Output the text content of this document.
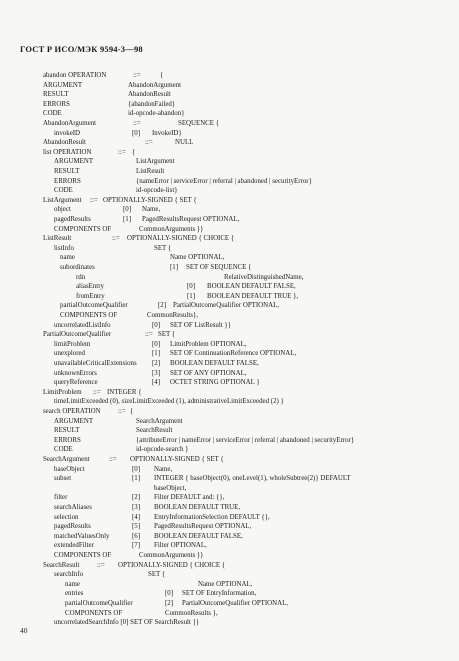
ГОСТ Р ИСО/МЭК 9594-3—98
abandon OPERATION	::=	{
ARGUMENT	AbandonArgument
RESULT	AbandonResult
ERRORS	{abandonFailed}
CODE	id-opcode-abandon}
AbandonArgument	::=	SEQUENCE {
invokeID	[0] InvokeID}
AbandonResult	::=	NULL
list OPERATION	::= {
ARGUMENT	ListArgument
RESULT	ListResult
ERRORS	{nameError | serviceError | referral | abandoned | securityError}
CODE	id-opcode-list}
ListArgument ::= OPTIONALLY-SIGNED { SET {
object	[0] Name,
pagedResults	[1] PagedResultsRequest OPTIONAL,
COMPONENTS OF	CommonArguments }}
ListResult	::= OPTIONALLY-SIGNED { CHOICE {
listInfo	SET {
name	Name OPTIONAL,
subordinates	[1] SET OF SEQUENCE {
rdn	RelativeDistinguishedName,
aliasEntry	[0] BOOLEAN DEFAULT FALSE,
fromEntry	[1] BOOLEAN DEFAULT TRUE },
partialOutcomeQualifier	[2] PartialOutcomeQualifier OPTIONAL,
COMPONENTS OF	CommonResults},
uncorrelatedListInfo	[0] SET OF ListResult }}
PartialOutcomeQualifier	::= SET {
limitProblem	[0] LimitProblem OPTIONAL,
unexplored	[1] SET OF ContinuationReference OPTIONAL,
unavailableCriticalExtensions [2] BOOLEAN DEFAULT FALSE,
unknownErrors	[3] SET OF ANY OPTIONAL,
queryReference	[4] OCTET STRING OPTIONAL }
LimitProblem ::= INTEGER {
timeLimitExceeded (0), sizeLimitExceeded (1), administrativeLimitExceeded (2) }
search OPERATION	::= {
ARGUMENT	SearchArgument
RESULT	SearchResult
ERRORS	{attributeError | nameError | serviceError | referral | abandoned | securityError}
CODE	id-opcode-search }
SearchArgument	::= OPTIONALLY-SIGNED { SET {
baseObject	[0] Name,
subset	[1] INTEGER { baseObject(0), oneLevel(1), wholeSubtree(2)} DEFAULT
baseObject,
filter	[2] Filter DEFAULT and: {},
searchAliases	[3] BOOLEAN DEFAULT TRUE,
selection	[4] EntryInformationSelection DEFAULT {},
pagedResults	[5] PagedResultsRequest OPTIONAL,
matchedValuesOnly	[6] BOOLEAN DEFAULT FALSE,
extendedFilter	[7] Filter OPTIONAL,
COMPONENTS OF	CommonArguments }}
SearchResult	::= OPTIONALLY-SIGNED { CHOICE {
searchInfo	SET {
name	Name OPTIONAL,
entries	[0] SET OF EntryInformation,
partialOutcomeQualifier	[2] PartialOutcomeQualifier OPTIONAL,
COMPONENTS OF	CommonResults },
uncorrelatedSearchInfo [0] SET OF SearchResult }}
40
